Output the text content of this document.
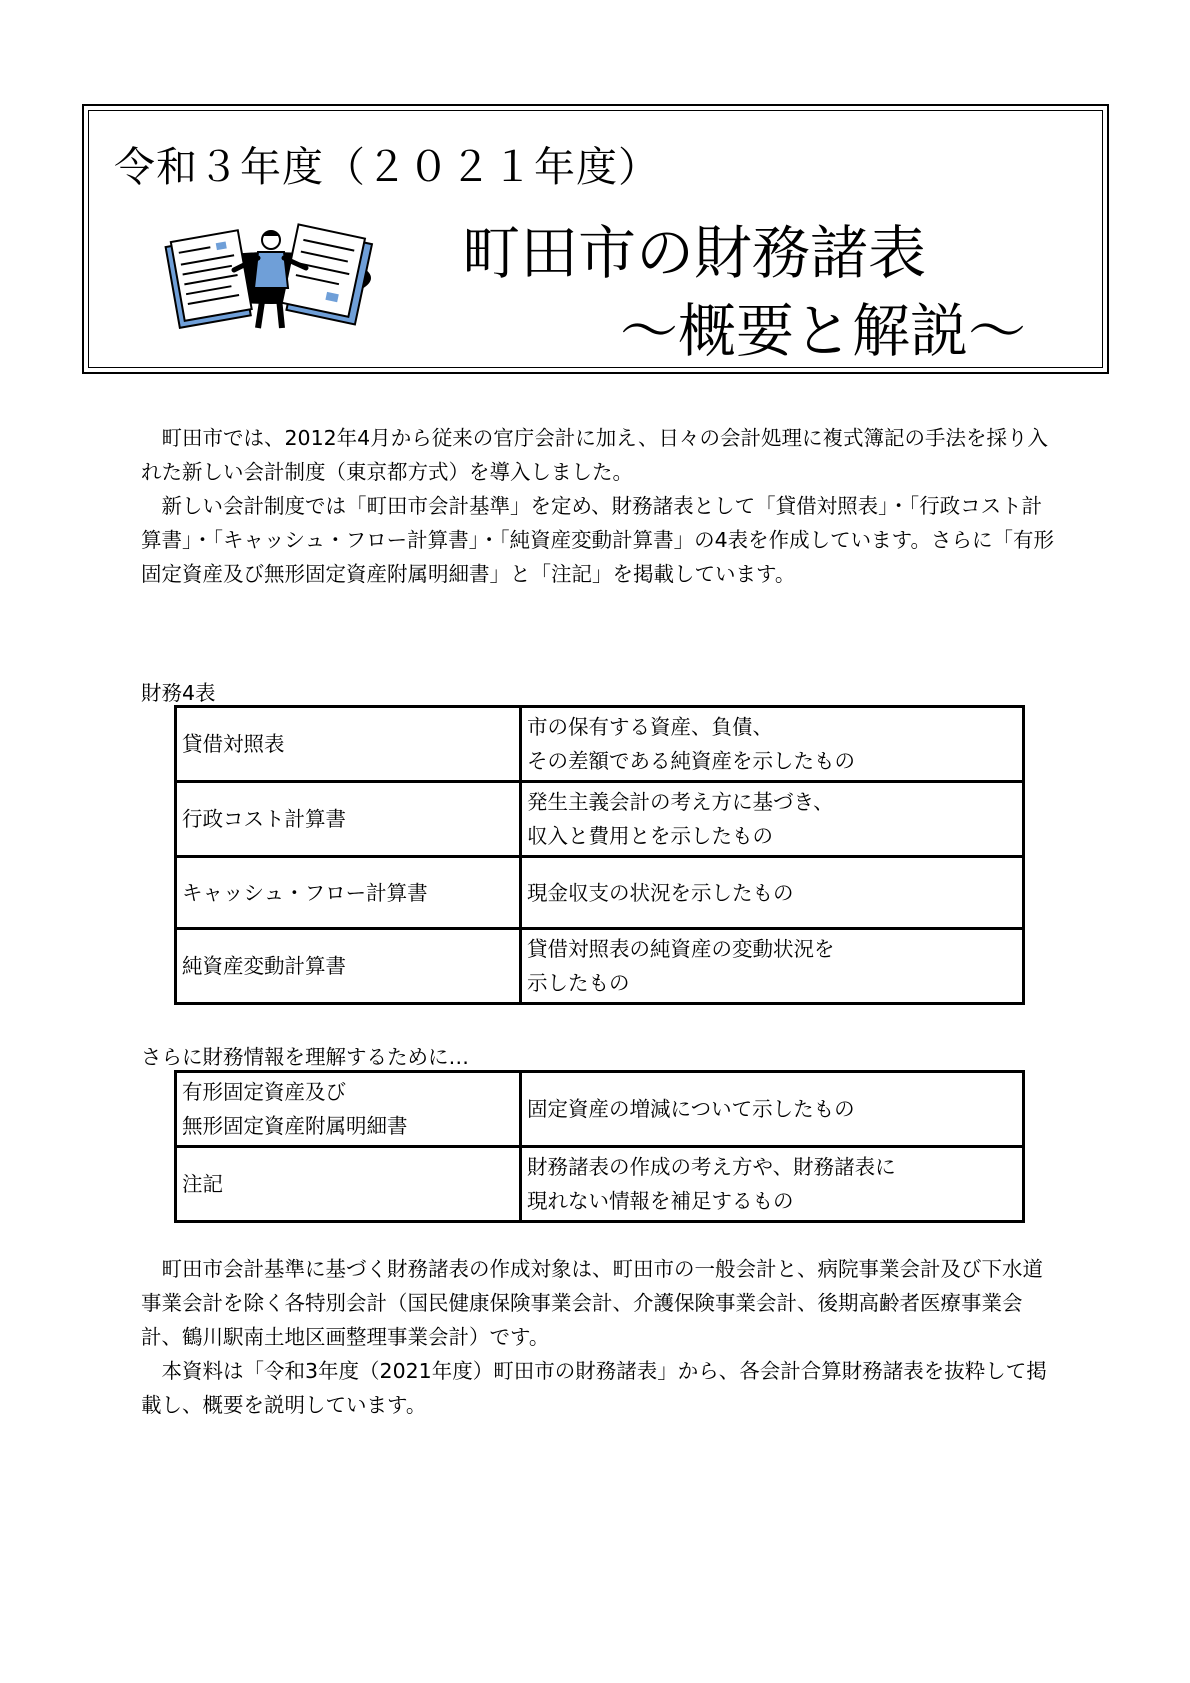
令和３年度（２０２１年度）
町田市の財務諸表
～概要と解説～
　町田市では、2012年4月から従来の官庁会計に加え、日々の会計処理に複式簿記の手法を採り入れた新しい会計制度（東京都方式）を導入しました。
　新しい会計制度では「町田市会計基準」を定め、財務諸表として「貸借対照表」・「行政コスト計算書」・「キャッシュ・フロー計算書」・「純資産変動計算書」の4表を作成しています。さらに「有形固定資産及び無形固定資産附属明細書」と「注記」を掲載しています。
財務4表
貸借対照表	市の保有する資産、負債、
その差額である純資産を示したもの
行政コスト計算書	発生主義会計の考え方に基づき、
収入と費用とを示したもの
キャッシュ・フロー計算書	現金収支の状況を示したもの
純資産変動計算書	貸借対照表の純資産の変動状況を
示したもの
さらに財務情報を理解するために…
有形固定資産及び
無形固定資産附属明細書	固定資産の増減について示したもの
注記	財務諸表の作成の考え方や、財務諸表に
現れない情報を補足するもの
　町田市会計基準に基づく財務諸表の作成対象は、町田市の一般会計と、病院事業会計及び下水道事業会計を除く各特別会計（国民健康保険事業会計、介護保険事業会計、後期高齢者医療事業会計、鶴川駅南土地区画整理事業会計）です。
　本資料は「令和3年度（2021年度）町田市の財務諸表」から、各会計合算財務諸表を抜粋して掲載し、概要を説明しています。
